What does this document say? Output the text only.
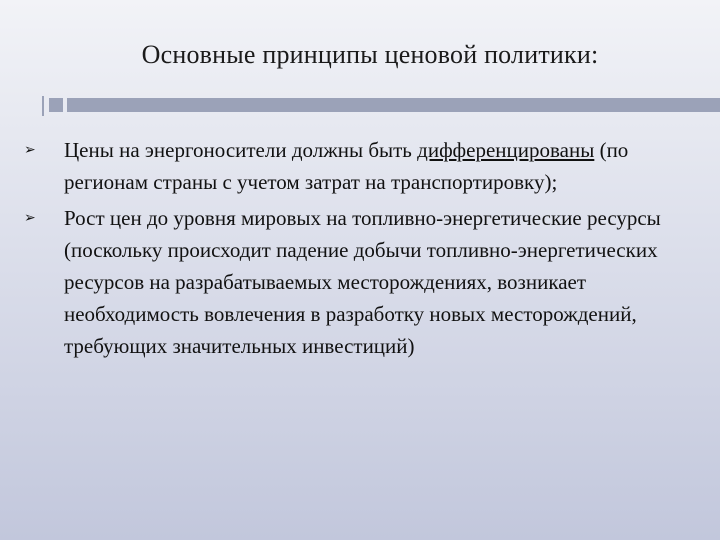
Основные принципы ценовой политики:
➢ Цены на энергоносители должны быть дифференцированы (по регионам страны с учетом затрат на транспортировку);
➢ Рост цен до уровня мировых на топливно-энергетические ресурсы (поскольку происходит падение добычи топливно-энергетических ресурсов на разрабатываемых месторождениях, возникает необходимость вовлечения в разработку новых месторождений, требующих значительных инвестиций)
